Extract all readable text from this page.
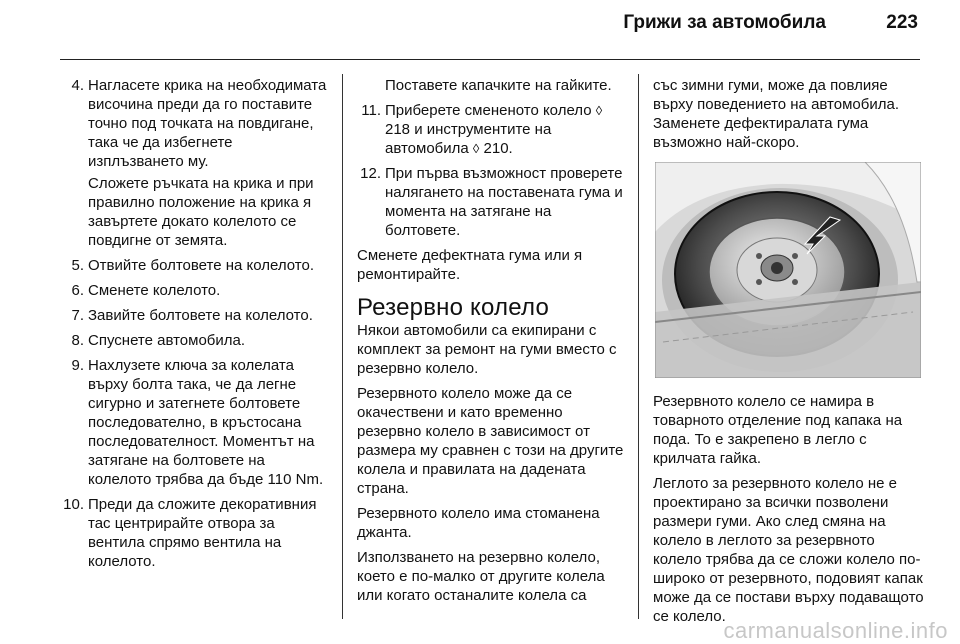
Грижи за автомобила	223
4. Нагласете крика на необходимата височина преди да го поставите точно под точката на повдигане, така че да избегнете изплъзването му.
Сложете ръчката на крика и при правилно положение на крика я завъртете докато колелото се повдигне от земята.
5. Отвийте болтовете на колелото.
6. Сменете колелото.
7. Завийте болтовете на колелото.
8. Спуснете автомобила.
9. Нахлузете ключа за колелата върху болта така, че да легне сигурно и затегнете болтовете последователно, в кръстосана последователност. Моментът на затягане на болтовете на колелото трябва да бъде 110 Nm.
10. Преди да сложите декоративния тас центрирайте отвора за вентила спрямо вентила на колелото.
Поставете капачките на гайките.
11. Приберете смененото колело ◊ 218 и инструментите на автомобила ◊ 210.
12. При първа възможност проверете налягането на поставената гума и момента на затягане на болтовете.

Сменете дефектната гума или я ремонтирайте.

Резервно колело

Някои автомобили са екипирани с комплект за ремонт на гуми вместо с резервно колело.

Резервното колело може да се окачествени и като временно резервно колело в зависимост от размера му сравнен с този на другите колела и правилата на дадената страна.

Резервното колело има стоманена джанта.

Използването на резервно колело, което е по-малко от другите колела или когато останалите колела са

със зимни гуми, може да повлияе върху поведението на автомобила. Заменете дефектиралата гума възможно най-скоро.

Резервното колело се намира в товарното отделение под капака на пода. То е закрепено в легло с крилчата гайка.

Леглото за резервното колело не е проектирано за всички позволени размери гуми. Ако след смяна на колело в леглото за резервното колело трябва да се сложи колело по-широко от резервното, подовият капак може да се постави върху подаващото се колело.

carmanualsonline.info
